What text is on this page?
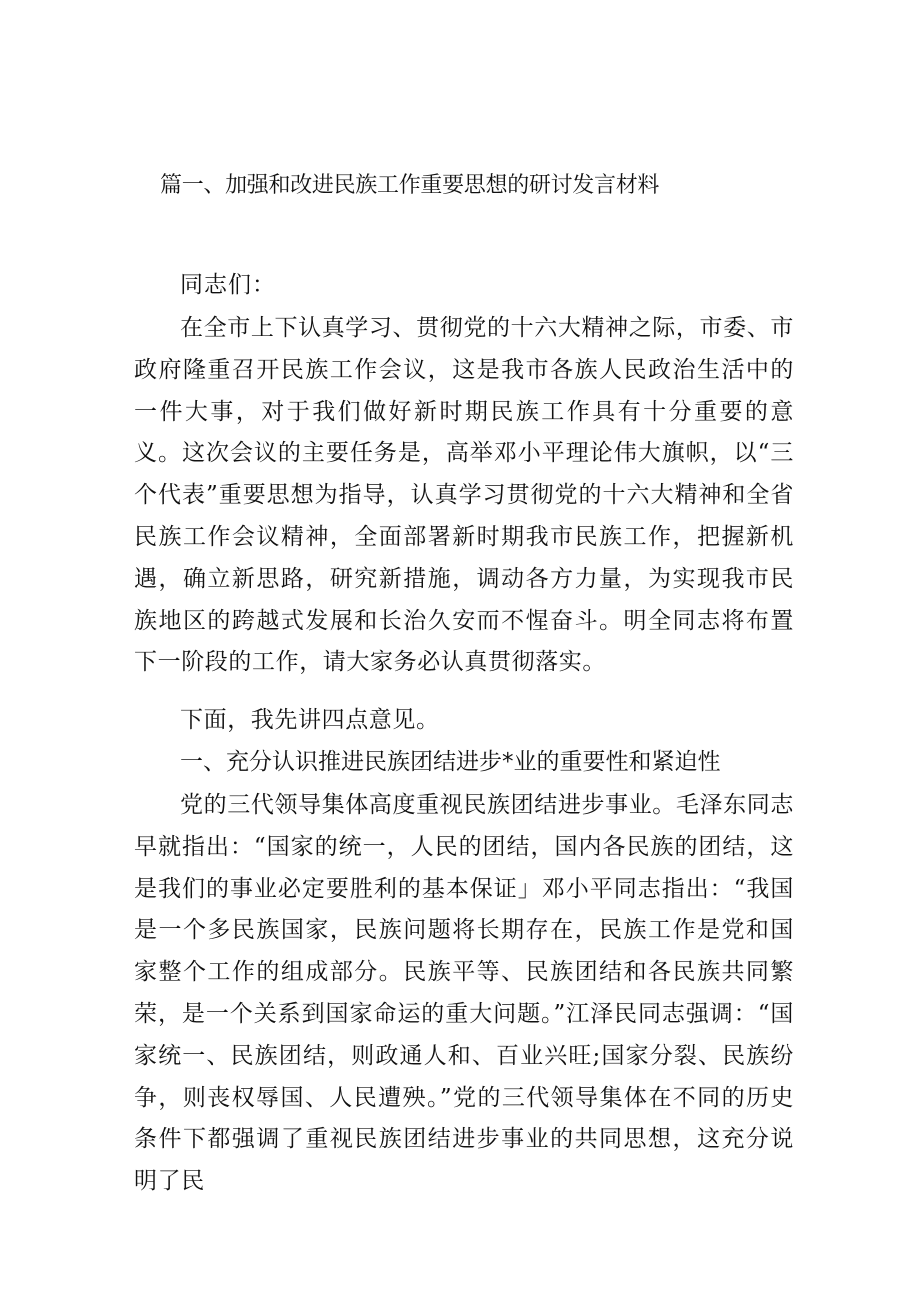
篇一、加强和改进民族工作重要思想的研讨发言材料

同志们：

在全市上下认真学习、贯彻党的十六大精神之际，市委、市政府隆重召开民族工作会议，这是我市各族人民政治生活中的一件大事，对于我们做好新时期民族工作具有十分重要的意义。这次会议的主要任务是，高举邓小平理论伟大旗帜，以“三个代表”重要思想为指导，认真学习贯彻党的十六大精神和全省民族工作会议精神，全面部署新时期我市民族工作，把握新机遇，确立新思路，研究新措施，调动各方力量，为实现我市民族地区的跨越式发展和长治久安而不惺奋斗。明全同志将布置下一阶段的工作，请大家务必认真贯彻落实。

下面，我先讲四点意见。

一、充分认识推进民族团结进步*业的重要性和紧迫性

党的三代领导集体高度重视民族团结进步事业。毛泽东同志早就指出：“国家的统一，人民的团结，国内各民族的团结，这是我们的事业必定要胜利的基本保证」邓小平同志指出：“我国是一个多民族国家，民族问题将长期存在，民族工作是党和国家整个工作的组成部分。民族平等、民族团结和各民族共同繁荣，是一个关系到国家命运的重大问题。”江泽民同志强调：“国家统一、民族团结，则政通人和、百业兴旺;国家分裂、民族纷争，则丧权辱国、人民遭殃。”党的三代领导集体在不同的历史条件下都强调了重视民族团结进步事业的共同思想，这充分说明了民
